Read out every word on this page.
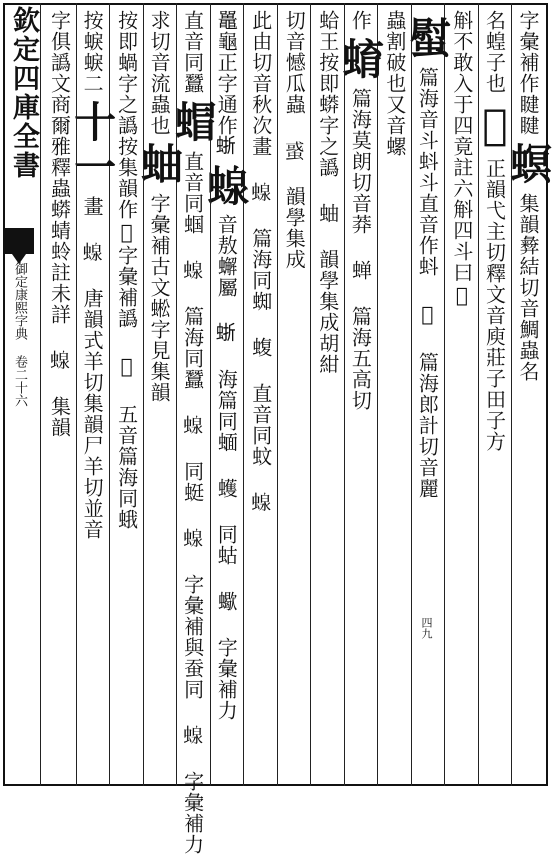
欽定四庫全書
御定康熙字典 卷二十六
字彙補作睷睷螟集韻彜結切音鯛蟲名
名蝗子也𧊑正韻弋主切釋文音庾莊子田子方
斛不敢入于四竟註六斛四斗曰𧊑
螱篇海音斗蚪斗直音作蚪 𧊑 篇海郎計切音麗
蟲割破也又音螺
作蜟篇海莫朗切音莽 蝉 篇海五高切
蛤王按即蟒字之譌 蚰 韻學集成胡紺
切音憾瓜蟲 𧌒 韻學集成
此由切音秋次畫 𧍭 篇海同蜘 蝮 直音同蚊 𧍭
鼉龜正字通作𧋍𧍭音敖蠏屬 𧋍 海篇同蝒 蠖 同蛄 蠍 字彙補力
直音同蠶蝐直音同蝈 𧍭 篇海同蠶 𧍭 同蜓 𧍭 字彙補與蚕同 𧍭 字彙補力
求切音流蟲也蚰字彙補古文蜙字見集韻
按即蝸字之譌按集韻作𧊑字彙補譌 𧍭 五音篇海同蛾
按蜧蜧二十一畫 𧍭 唐韻式羊切集韻尸羊切並音
字俱譌文商爾雅釋蟲蟒蜻蛉註未詳 𧍭 集韻
四九
